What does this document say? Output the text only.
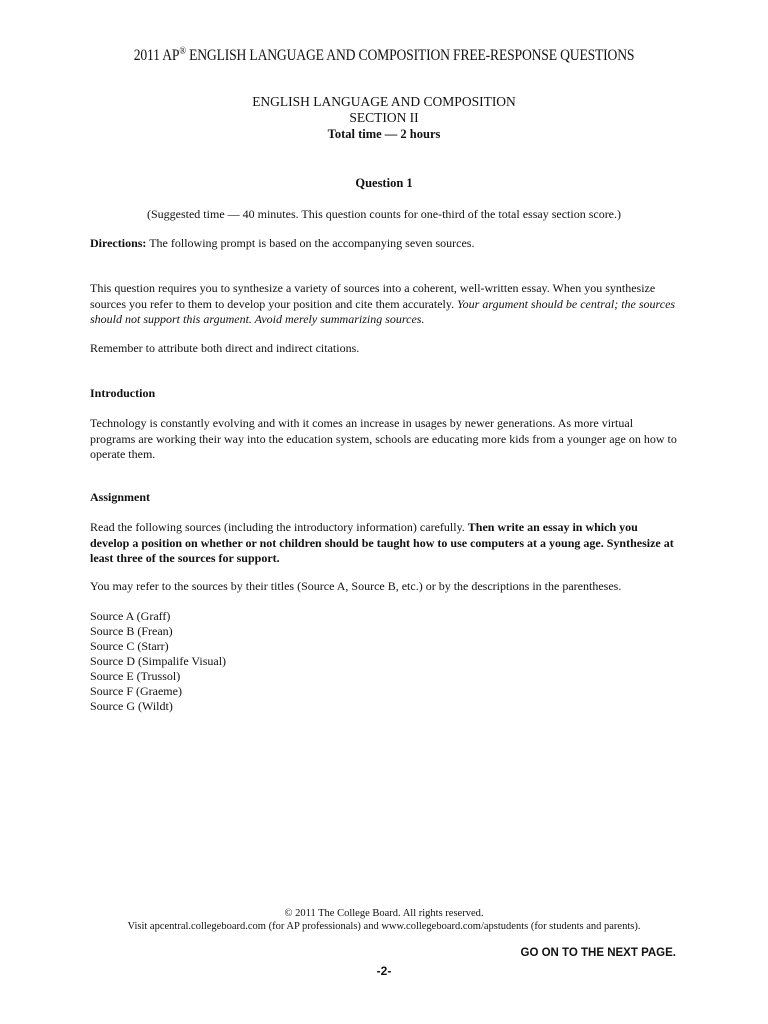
2011 AP® ENGLISH LANGUAGE AND COMPOSITION FREE-RESPONSE QUESTIONS
ENGLISH LANGUAGE AND COMPOSITION
SECTION II
Total time — 2 hours
Question 1
(Suggested time — 40 minutes. This question counts for one-third of the total essay section score.)
Directions: The following prompt is based on the accompanying seven sources.
This question requires you to synthesize a variety of sources into a coherent, well-written essay. When you synthesize sources you refer to them to develop your position and cite them accurately. Your argument should be central; the sources should not support this argument. Avoid merely summarizing sources.
Remember to attribute both direct and indirect citations.
Introduction
Technology is constantly evolving and with it comes an increase in usages by newer generations. As more virtual programs are working their way into the education system, schools are educating more kids from a younger age on how to operate them.
Assignment
Read the following sources (including the introductory information) carefully. Then write an essay in which you develop a position on whether or not children should be taught how to use computers at a young age. Synthesize at least three of the sources for support.
You may refer to the sources by their titles (Source A, Source B, etc.) or by the descriptions in the parentheses.
Source A (Graff)
Source B (Frean)
Source C (Starr)
Source D (Simpalife Visual)
Source E (Trussol)
Source F (Graeme)
Source G (Wildt)
© 2011 The College Board. All rights reserved.
Visit apcentral.collegeboard.com (for AP professionals) and www.collegeboard.com/apstudents (for students and parents).
GO ON TO THE NEXT PAGE.
-2-
